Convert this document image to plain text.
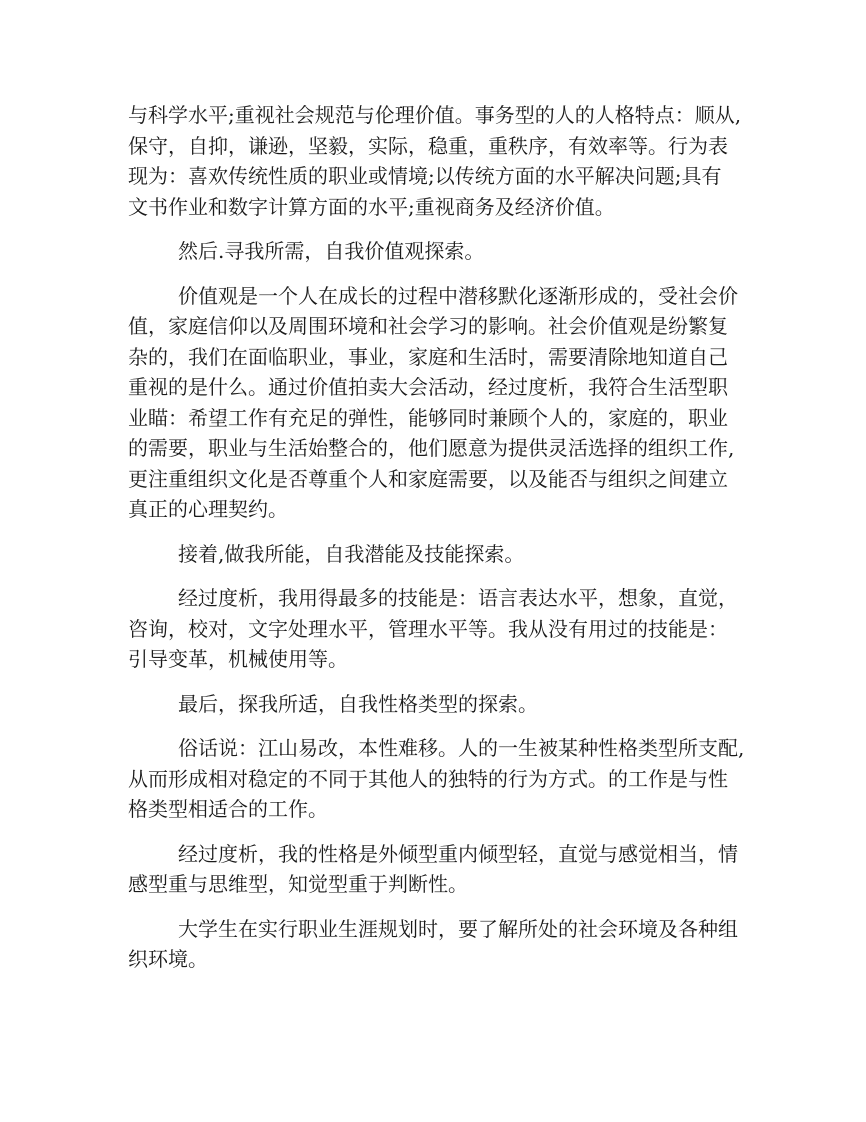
与科学水平;重视社会规范与伦理价值。事务型的人的人格特点：顺从,
保守，自抑，谦逊，坚毅，实际，稳重，重秩序，有效率等。行为表
现为：喜欢传统性质的职业或情境;以传统方面的水平解决问题;具有
文书作业和数字计算方面的水平;重视商务及经济价值。
然后.寻我所需，自我价值观探索。
价值观是一个人在成长的过程中潜移默化逐渐形成的，受社会价
值，家庭信仰以及周围环境和社会学习的影响。社会价值观是纷繁复
杂的，我们在面临职业，事业，家庭和生活时，需要清除地知道自己
重视的是什么。通过价值拍卖大会活动，经过度析，我符合生活型职
业瞄：希望工作有充足的弹性，能够同时兼顾个人的，家庭的，职业
的需要，职业与生活始整合的，他们愿意为提供灵活选择的组织工作,
更注重组织文化是否尊重个人和家庭需要，以及能否与组织之间建立
真正的心理契约。
接着,做我所能，自我潜能及技能探索。
经过度析，我用得最多的技能是：语言表达水平，想象，直觉，
咨询，校对，文字处理水平，管理水平等。我从没有用过的技能是：
引导变革，机械使用等。
最后，探我所适，自我性格类型的探索。
俗话说：江山易改，本性难移。人的一生被某种性格类型所支配,
从而形成相对稳定的不同于其他人的独特的行为方式。的工作是与性
格类型相适合的工作。
经过度析，我的性格是外倾型重内倾型轻，直觉与感觉相当，情
感型重与思维型，知觉型重于判断性。
大学生在实行职业生涯规划时，要了解所处的社会环境及各种组
织环境。
